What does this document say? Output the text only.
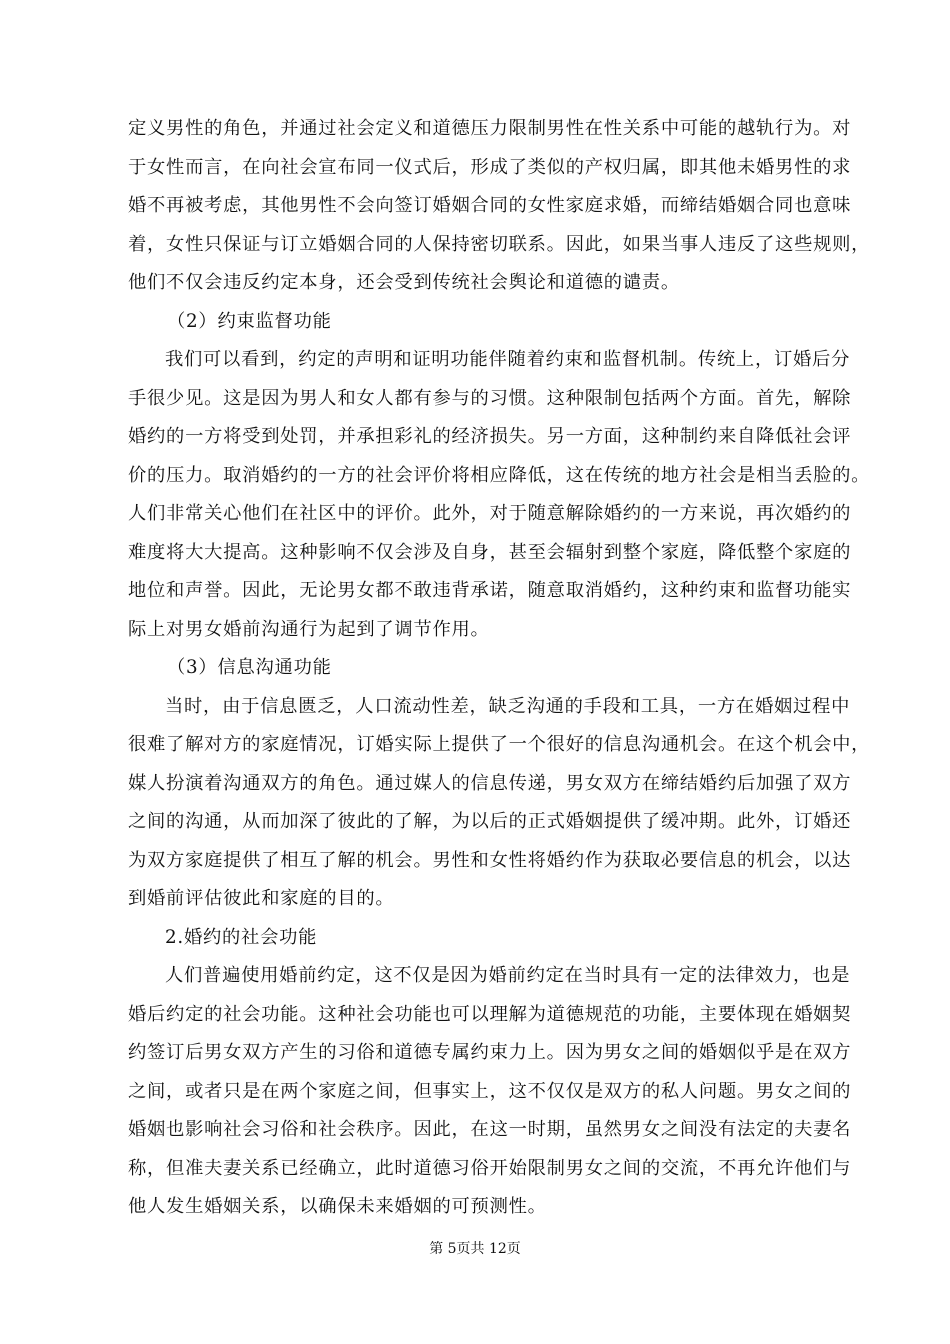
定义男性的角色，并通过社会定义和道德压力限制男性在性关系中可能的越轨行为。对
于女性而言，在向社会宣布同一仪式后，形成了类似的产权归属，即其他未婚男性的求
婚不再被考虑，其他男性不会向签订婚姻合同的女性家庭求婚，而缔结婚姻合同也意味
着，女性只保证与订立婚姻合同的人保持密切联系。因此，如果当事人违反了这些规则，
他们不仅会违反约定本身，还会受到传统社会舆论和道德的谴责。
（2）约束监督功能
我们可以看到，约定的声明和证明功能伴随着约束和监督机制。传统上，订婚后分
手很少见。这是因为男人和女人都有参与的习惯。这种限制包括两个方面。首先，解除
婚约的一方将受到处罚，并承担彩礼的经济损失。另一方面，这种制约来自降低社会评
价的压力。取消婚约的一方的社会评价将相应降低，这在传统的地方社会是相当丢脸的。
人们非常关心他们在社区中的评价。此外，对于随意解除婚约的一方来说，再次婚约的
难度将大大提高。这种影响不仅会涉及自身，甚至会辐射到整个家庭，降低整个家庭的
地位和声誉。因此，无论男女都不敢违背承诺，随意取消婚约，这种约束和监督功能实
际上对男女婚前沟通行为起到了调节作用。
（3）信息沟通功能
当时，由于信息匮乏，人口流动性差，缺乏沟通的手段和工具，一方在婚姻过程中
很难了解对方的家庭情况，订婚实际上提供了一个很好的信息沟通机会。在这个机会中，
媒人扮演着沟通双方的角色。通过媒人的信息传递，男女双方在缔结婚约后加强了双方
之间的沟通，从而加深了彼此的了解，为以后的正式婚姻提供了缓冲期。此外，订婚还
为双方家庭提供了相互了解的机会。男性和女性将婚约作为获取必要信息的机会，以达
到婚前评估彼此和家庭的目的。
2.婚约的社会功能
人们普遍使用婚前约定，这不仅是因为婚前约定在当时具有一定的法律效力，也是
婚后约定的社会功能。这种社会功能也可以理解为道德规范的功能，主要体现在婚姻契
约签订后男女双方产生的习俗和道德专属约束力上。因为男女之间的婚姻似乎是在双方
之间，或者只是在两个家庭之间，但事实上，这不仅仅是双方的私人问题。男女之间的
婚姻也影响社会习俗和社会秩序。因此，在这一时期，虽然男女之间没有法定的夫妻名
称，但准夫妻关系已经确立，此时道德习俗开始限制男女之间的交流，不再允许他们与
他人发生婚姻关系，以确保未来婚姻的可预测性。
第 5页共 12页
